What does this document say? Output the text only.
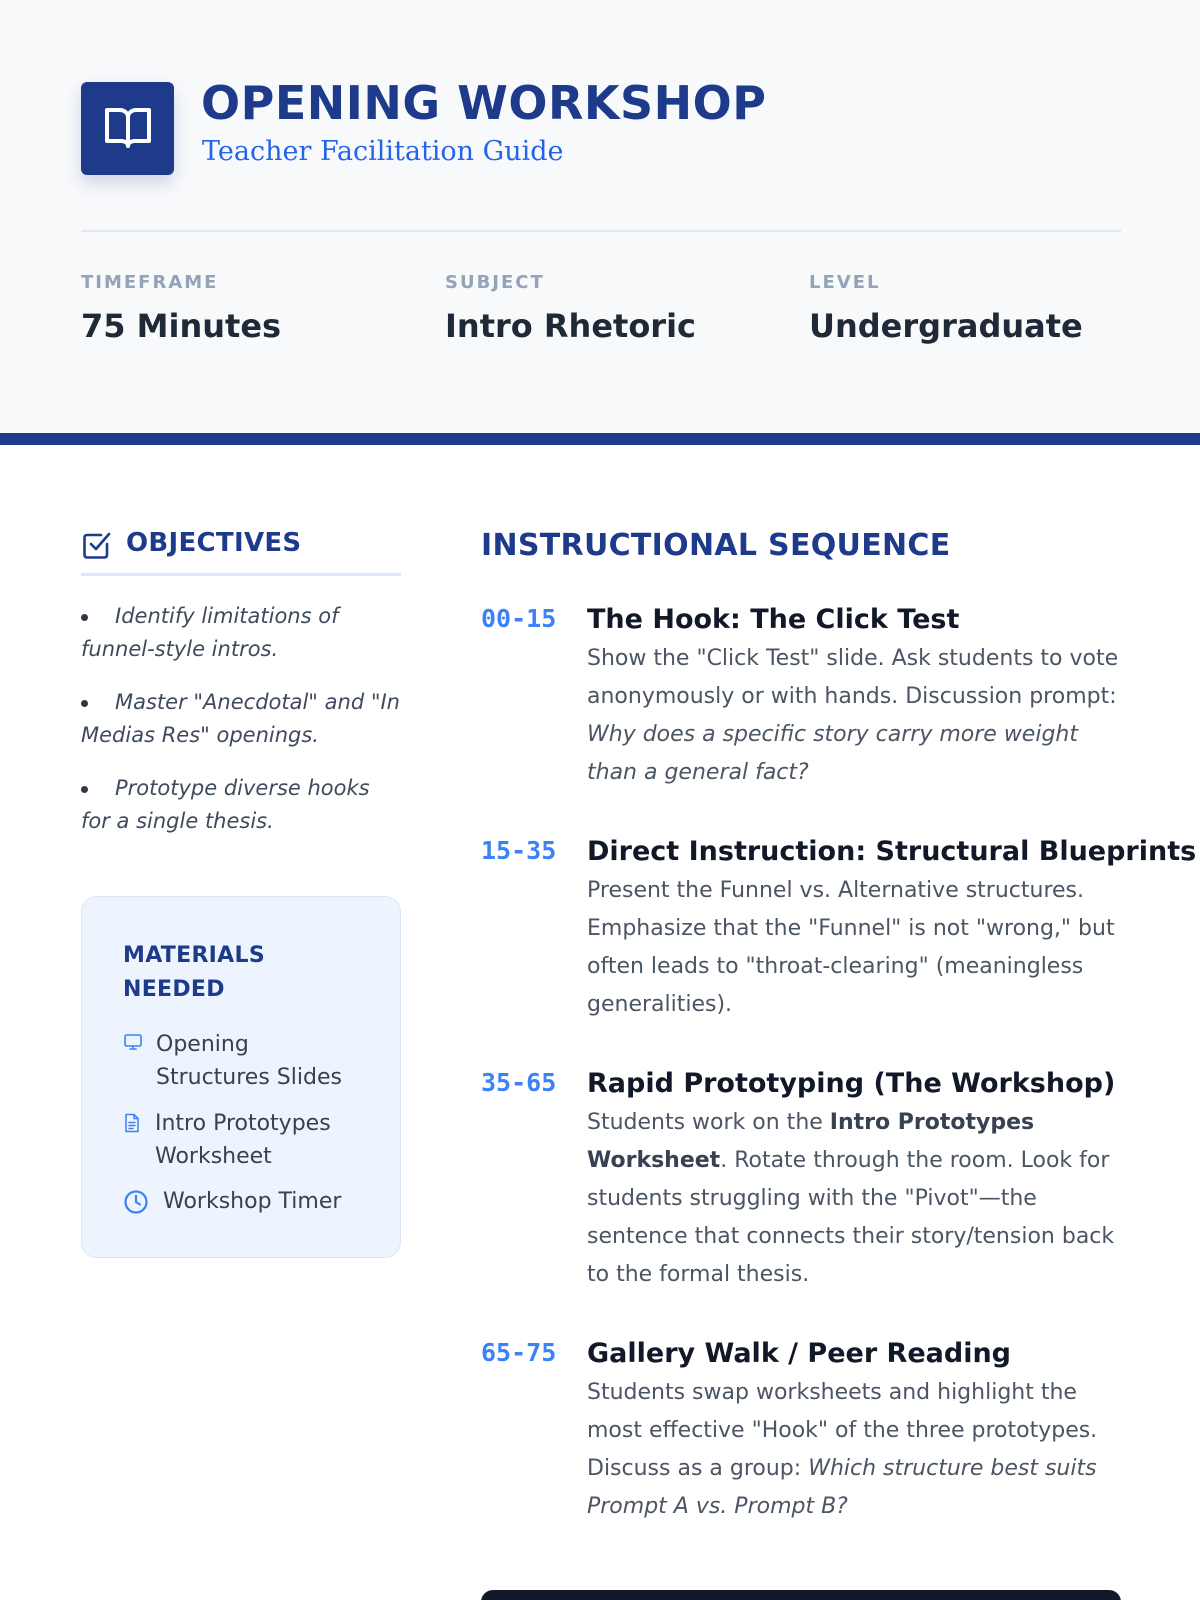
OPENING WORKSHOP
Teacher Facilitation Guide
TIMEFRAME
75 Minutes
SUBJECT
Intro Rhetoric
LEVEL
Undergraduate
OBJECTIVES
Identify limitations of funnel-style intros.
Master "Anecdotal" and "In Medias Res" openings.
Prototype diverse hooks for a single thesis.
MATERIALS NEEDED
Opening Structures Slides
Intro Prototypes Worksheet
Workshop Timer
INSTRUCTIONAL SEQUENCE
00-15 The Hook: The Click Test
Show the "Click Test" slide. Ask students to vote anonymously or with hands. Discussion prompt: Why does a specific story carry more weight than a general fact?
15-35 Direct Instruction: Structural Blueprints
Present the Funnel vs. Alternative structures. Emphasize that the "Funnel" is not "wrong," but often leads to "throat-clearing" (meaningless generalities).
35-65 Rapid Prototyping (The Workshop)
Students work on the Intro Prototypes Worksheet. Rotate through the room. Look for students struggling with the "Pivot"—the sentence that connects their story/tension back to the formal thesis.
65-75 Gallery Walk / Peer Reading
Students swap worksheets and highlight the most effective "Hook" of the three prototypes. Discuss as a group: Which structure best suits Prompt A vs. Prompt B?
